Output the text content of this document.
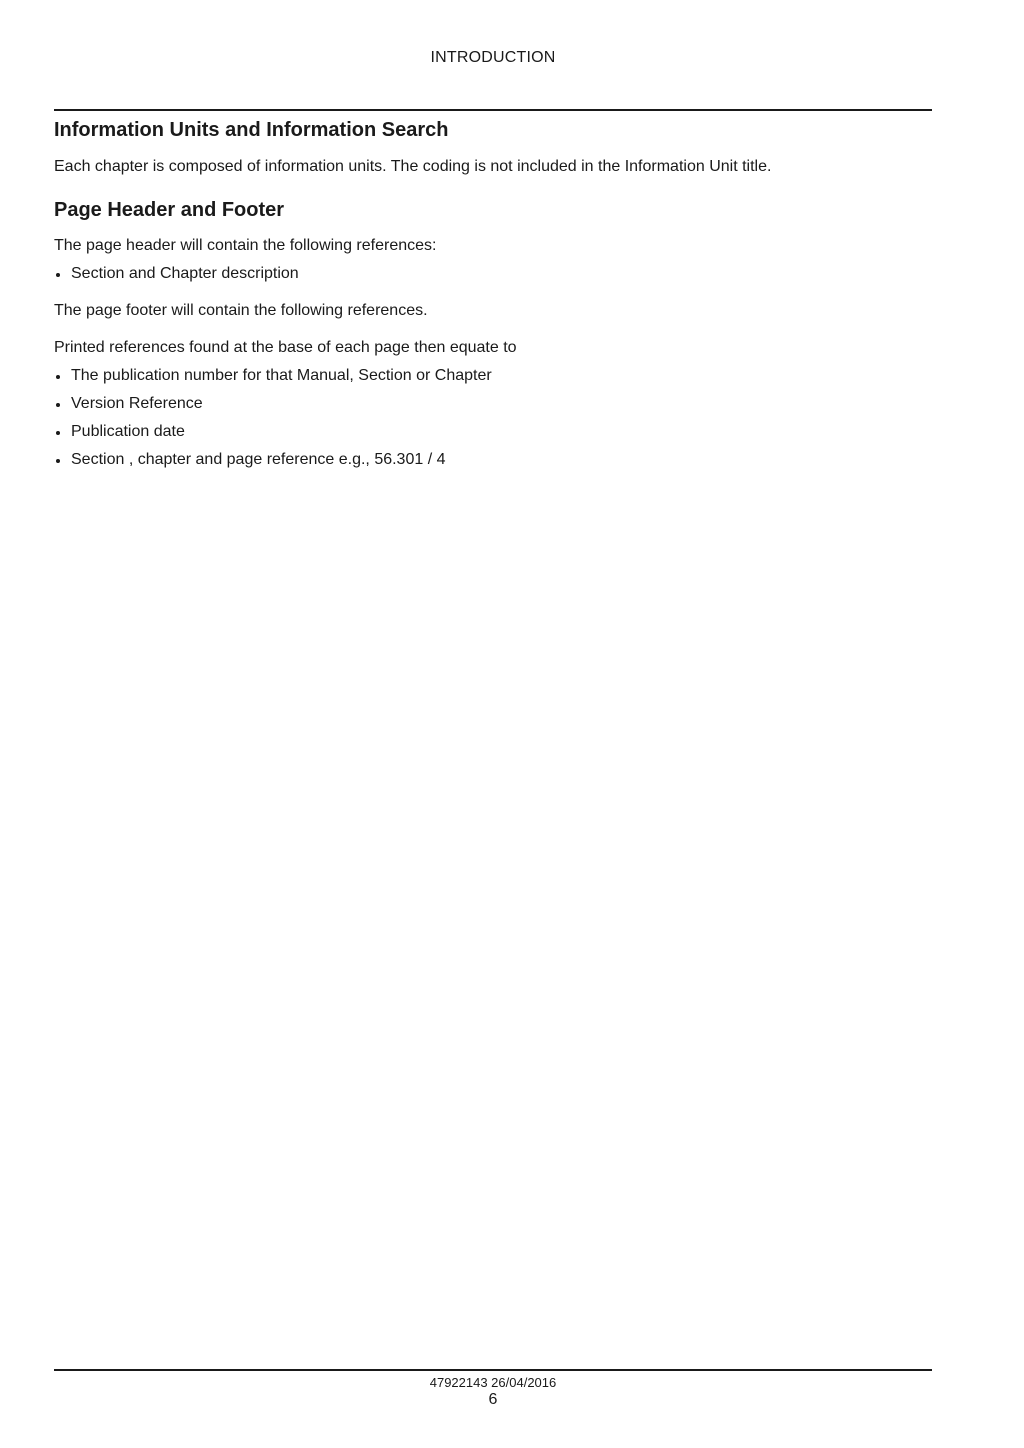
INTRODUCTION
Information Units and Information Search

Each chapter is composed of information units. The coding is not included in the Information Unit title.

Page Header and Footer

The page header will contain the following references:

Section and Chapter description

The page footer will contain the following references.

Printed references found at the base of each page then equate to

The publication number for that Manual, Section or Chapter
Version Reference
Publication date
Section , chapter and page reference e.g., 56.301 / 4
47922143 26/04/2016
6
